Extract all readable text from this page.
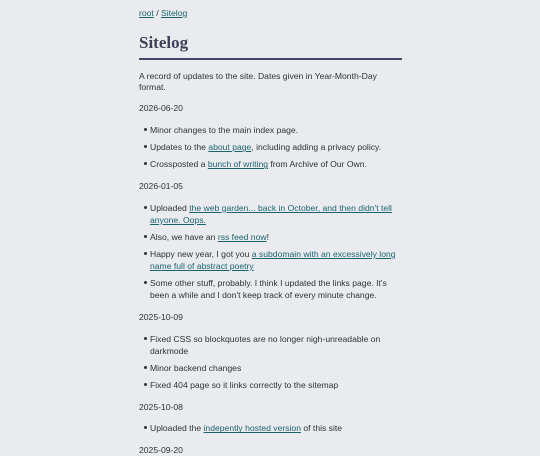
root / Sitelog
Sitelog

A record of updates to the site. Dates given in Year-Month-Day format.

2026-06-20

Minor changes to the main index page.
Updates to the about page, including adding a privacy policy.
Crossposted a bunch of writing from Archive of Our Own.

2026-01-05

Uploaded the web garden... back in October, and then didn't tell anyone. Oops.
Also, we have an rss feed now!
Happy new year, I got you a subdomain with an excessively long name full of abstract poetry
Some other stuff, probably. I think I updated the links page. It's been a while and I don't keep track of every minute change.

2025-10-09

Fixed CSS so blockquotes are no longer nigh-unreadable on darkmode
Minor backend changes
Fixed 404 page so it links correctly to the sitemap

2025-10-08

Uploaded the indepently hosted version of this site

2025-09-20
